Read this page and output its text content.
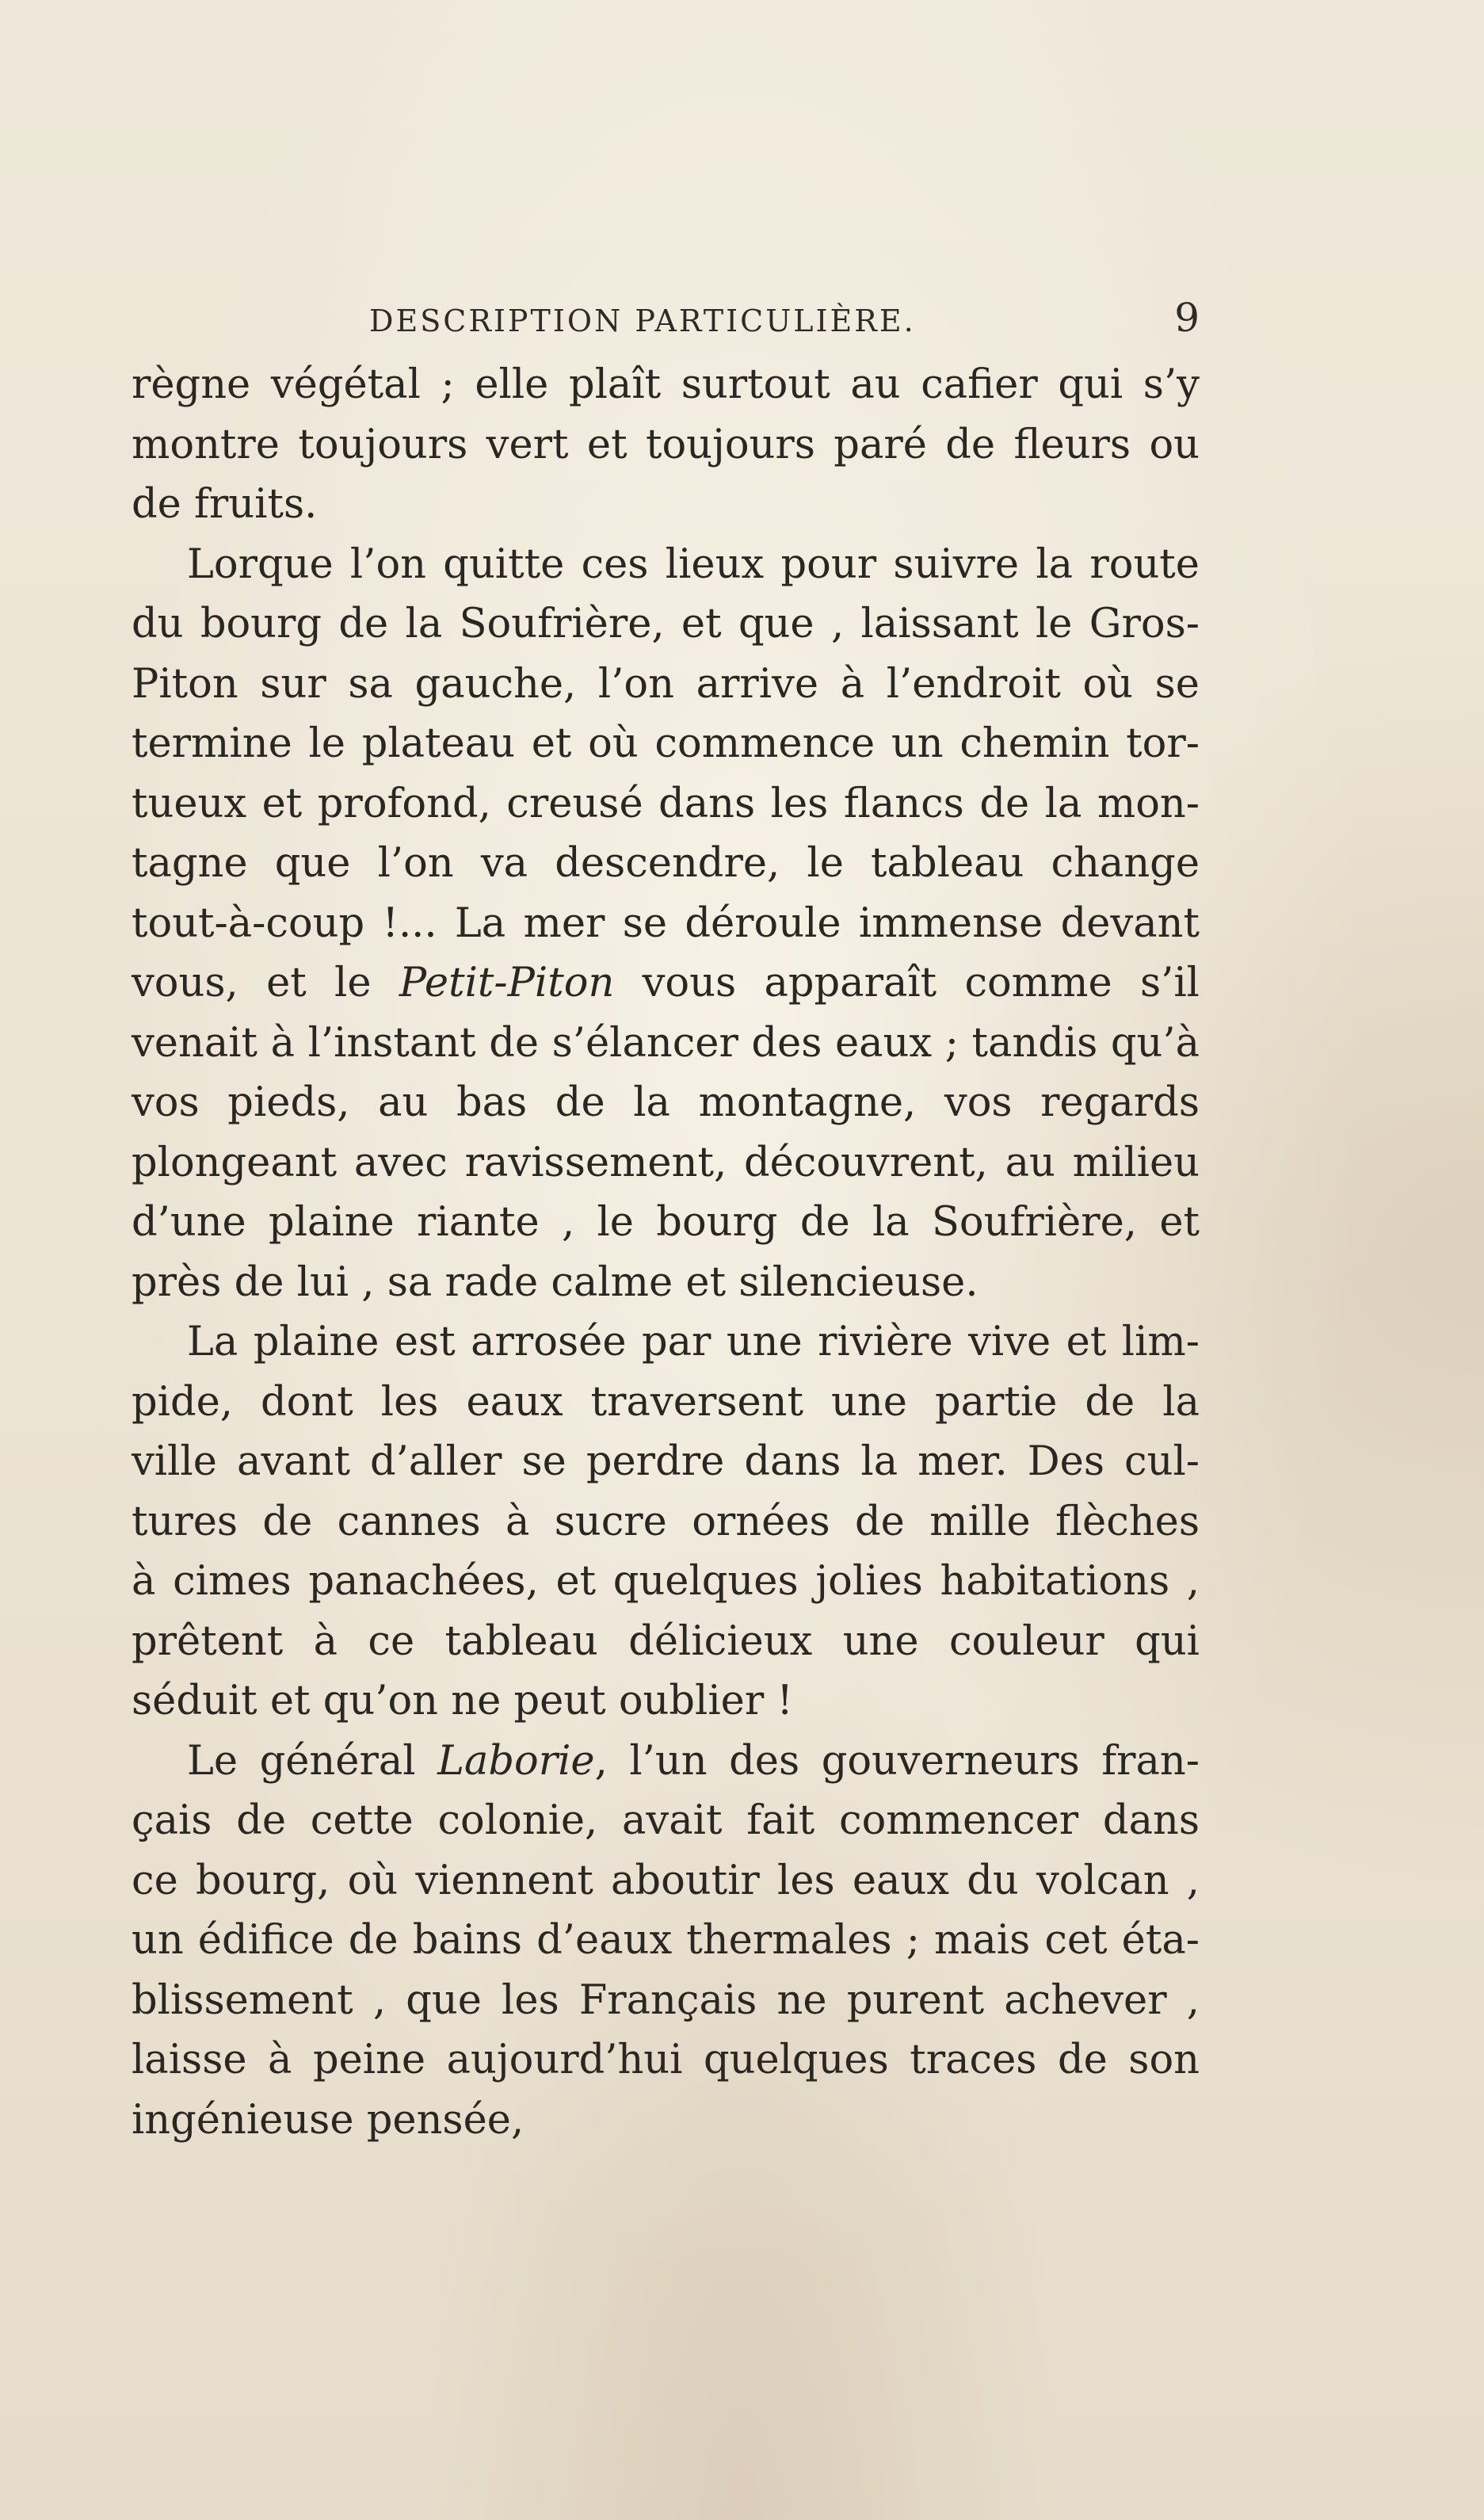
DESCRIPTION PARTICULIÈRE.	9
règne végétal ; elle plaît surtout au cafier qui s’y
montre toujours vert et toujours paré de fleurs ou
de fruits.
Lorque l’on quitte ces lieux pour suivre la route
du bourg de la Soufrière, et que , laissant le Gros-
Piton sur sa gauche, l’on arrive à l’endroit où se
termine le plateau et où commence un chemin tor-
tueux et profond, creusé dans les flancs de la mon-
tagne que l’on va descendre, le tableau change
tout-à-coup !... La mer se déroule immense devant
vous, et le Petit-Piton vous apparaît comme s’il
venait à l’instant de s’élancer des eaux ; tandis qu’à
vos pieds, au bas de la montagne, vos regards
plongeant avec ravissement, découvrent, au milieu
d’une plaine riante , le bourg de la Soufrière, et
près de lui , sa rade calme et silencieuse.
La plaine est arrosée par une rivière vive et lim-
pide, dont les eaux traversent une partie de la
ville avant d’aller se perdre dans la mer. Des cul-
tures de cannes à sucre ornées de mille flèches
à cimes panachées, et quelques jolies habitations ,
prêtent à ce tableau délicieux une couleur qui
séduit et qu’on ne peut oublier !
Le général Laborie, l’un des gouverneurs fran-
çais de cette colonie, avait fait commencer dans
ce bourg, où viennent aboutir les eaux du volcan ,
un édifice de bains d’eaux thermales ; mais cet éta-
blissement , que les Français ne purent achever ,
laisse à peine aujourd’hui quelques traces de son
ingénieuse pensée,
